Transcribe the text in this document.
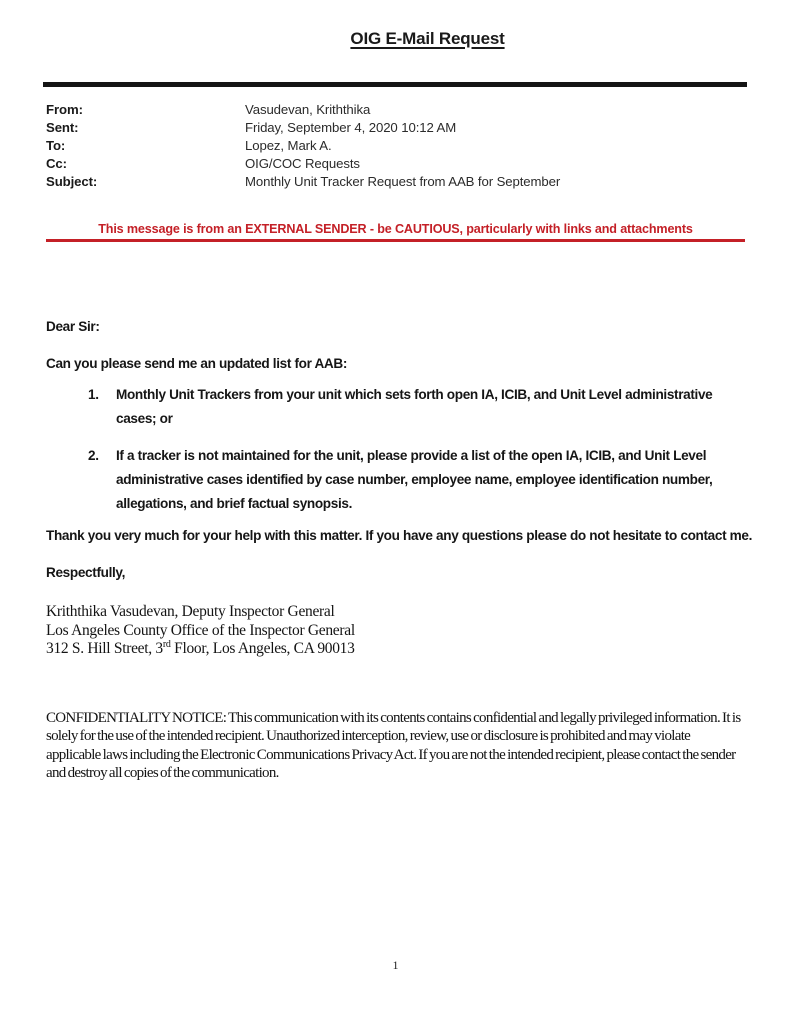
OIG E-Mail Request
From:	Vasudevan, Kriththika
Sent:	Friday, September 4, 2020 10:12 AM
To:	Lopez, Mark A.
Cc:	OIG/COC Requests
Subject:	Monthly Unit Tracker Request from AAB for September
This message is from an EXTERNAL SENDER - be CAUTIOUS, particularly with links and attachments
Dear Sir:
Can you please send me an updated list for AAB:
1.	Monthly Unit Trackers from your unit which sets forth open IA, ICIB, and Unit Level administrative cases; or
2.	If a tracker is not maintained for the unit, please provide a list of the open IA, ICIB, and Unit Level administrative cases identified by case number, employee name, employee identification number, allegations, and brief factual synopsis.
Thank you very much for your help with this matter. If you have any questions please do not hesitate to contact me.
Respectfully,
Kriththika Vasudevan, Deputy Inspector General
Los Angeles County Office of the Inspector General
312 S. Hill Street, 3rd Floor, Los Angeles, CA 90013
CONFIDENTIALITY NOTICE: This communication with its contents contains confidential and legally privileged information. It is solely for the use of the intended recipient. Unauthorized interception, review, use or disclosure is prohibited and may violate applicable laws including the Electronic Communications Privacy Act. If you are not the intended recipient, please contact the sender and destroy all copies of the communication.
1
